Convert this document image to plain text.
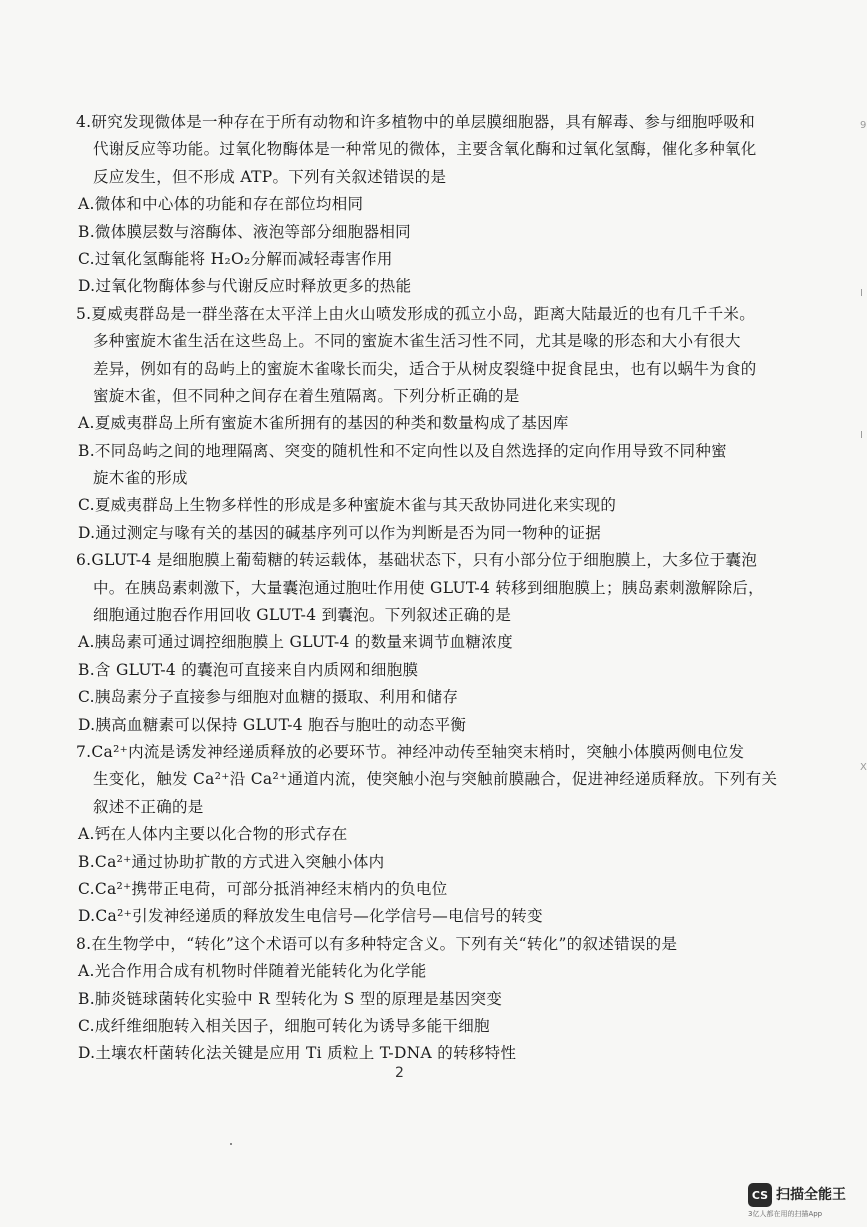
4.研究发现微体是一种存在于所有动物和许多植物中的单层膜细胞器，具有解毒、参与细胞呼吸和
代谢反应等功能。过氧化物酶体是一种常见的微体，主要含氧化酶和过氧化氢酶，催化多种氧化
反应发生，但不形成 ATP。下列有关叙述错误的是
A.微体和中心体的功能和存在部位均相同
B.微体膜层数与溶酶体、液泡等部分细胞器相同
C.过氧化氢酶能将 H₂O₂分解而减轻毒害作用
D.过氧化物酶体参与代谢反应时释放更多的热能
5.夏威夷群岛是一群坐落在太平洋上由火山喷发形成的孤立小岛，距离大陆最近的也有几千千米。
多种蜜旋木雀生活在这些岛上。不同的蜜旋木雀生活习性不同，尤其是喙的形态和大小有很大
差异，例如有的岛屿上的蜜旋木雀喙长而尖，适合于从树皮裂缝中捉食昆虫，也有以蜗牛为食的
蜜旋木雀，但不同种之间存在着生殖隔离。下列分析正确的是
A.夏威夷群岛上所有蜜旋木雀所拥有的基因的种类和数量构成了基因库
B.不同岛屿之间的地理隔离、突变的随机性和不定向性以及自然选择的定向作用导致不同种蜜
旋木雀的形成
C.夏威夷群岛上生物多样性的形成是多种蜜旋木雀与其天敌协同进化来实现的
D.通过测定与喙有关的基因的碱基序列可以作为判断是否为同一物种的证据
6.GLUT-4 是细胞膜上葡萄糖的转运载体，基础状态下，只有小部分位于细胞膜上，大多位于囊泡
中。在胰岛素刺激下，大量囊泡通过胞吐作用使 GLUT-4 转移到细胞膜上；胰岛素刺激解除后，
细胞通过胞吞作用回收 GLUT-4 到囊泡。下列叙述正确的是
A.胰岛素可通过调控细胞膜上 GLUT-4 的数量来调节血糖浓度
B.含 GLUT-4 的囊泡可直接来自内质网和细胞膜
C.胰岛素分子直接参与细胞对血糖的摄取、利用和储存
D.胰高血糖素可以保持 GLUT-4 胞吞与胞吐的动态平衡
7.Ca²⁺内流是诱发神经递质释放的必要环节。神经冲动传至轴突末梢时，突触小体膜两侧电位发
生变化，触发 Ca²⁺沿 Ca²⁺通道内流，使突触小泡与突触前膜融合，促进神经递质释放。下列有关
叙述不正确的是
A.钙在人体内主要以化合物的形式存在
B.Ca²⁺通过协助扩散的方式进入突触小体内
C.Ca²⁺携带正电荷，可部分抵消神经末梢内的负电位
D.Ca²⁺引发神经递质的释放发生电信号—化学信号—电信号的转变
8.在生物学中，“转化”这个术语可以有多种特定含义。下列有关“转化”的叙述错误的是
A.光合作用合成有机物时伴随着光能转化为化学能
B.肺炎链球菌转化实验中 R 型转化为 S 型的原理是基因突变
C.成纤维细胞转入相关因子，细胞可转化为诱导多能干细胞
D.土壤农杆菌转化法关键是应用 Ti 质粒上 T-DNA 的转移特性
2
9
I
I
X
CS 扫描全能王
3亿人都在用的扫描App
